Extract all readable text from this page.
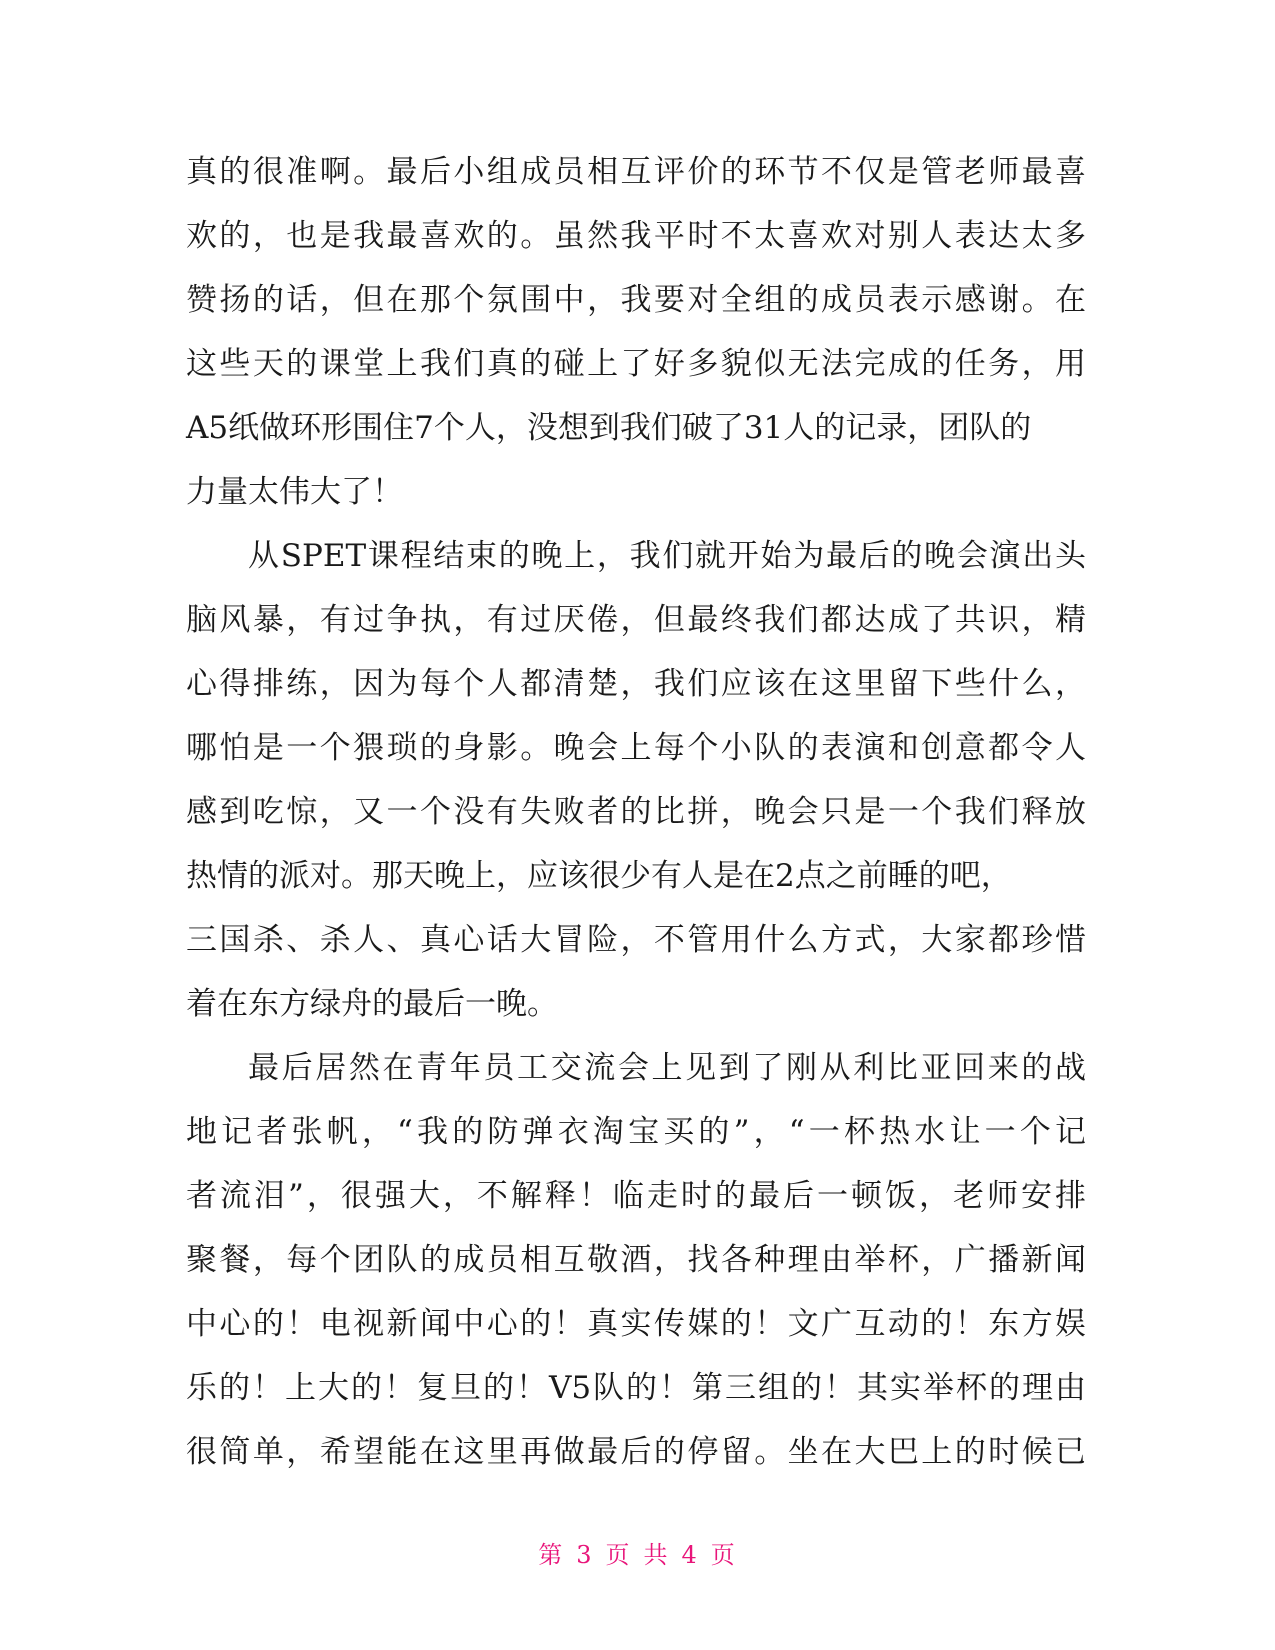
真的很准啊。最后小组成员相互评价的环节不仅是管老师最喜
欢的，也是我最喜欢的。虽然我平时不太喜欢对别人表达太多
赞扬的话，但在那个氛围中，我要对全组的成员表示感谢。在
这些天的课堂上我们真的碰上了好多貌似无法完成的任务，用
A5纸做环形围住7个人，没想到我们破了31人的记录，团队的
力量太伟大了！
从SPET课程结束的晚上，我们就开始为最后的晚会演出头
脑风暴，有过争执，有过厌倦，但最终我们都达成了共识，精
心得排练，因为每个人都清楚，我们应该在这里留下些什么，
哪怕是一个猥琐的身影。晚会上每个小队的表演和创意都令人
感到吃惊，又一个没有失败者的比拼，晚会只是一个我们释放
热情的派对。那天晚上，应该很少有人是在2点之前睡的吧，
三国杀、杀人、真心话大冒险，不管用什么方式，大家都珍惜
着在东方绿舟的最后一晚。
最后居然在青年员工交流会上见到了刚从利比亚回来的战
地记者张帆，“我的防弹衣淘宝买的”，“一杯热水让一个记
者流泪”，很强大，不解释！临走时的最后一顿饭，老师安排
聚餐，每个团队的成员相互敬酒，找各种理由举杯，广播新闻
中心的！电视新闻中心的！真实传媒的！文广互动的！东方娱
乐的！上大的！复旦的！V5队的！第三组的！其实举杯的理由
很简单，希望能在这里再做最后的停留。坐在大巴上的时候已
第 3 页 共 4 页
